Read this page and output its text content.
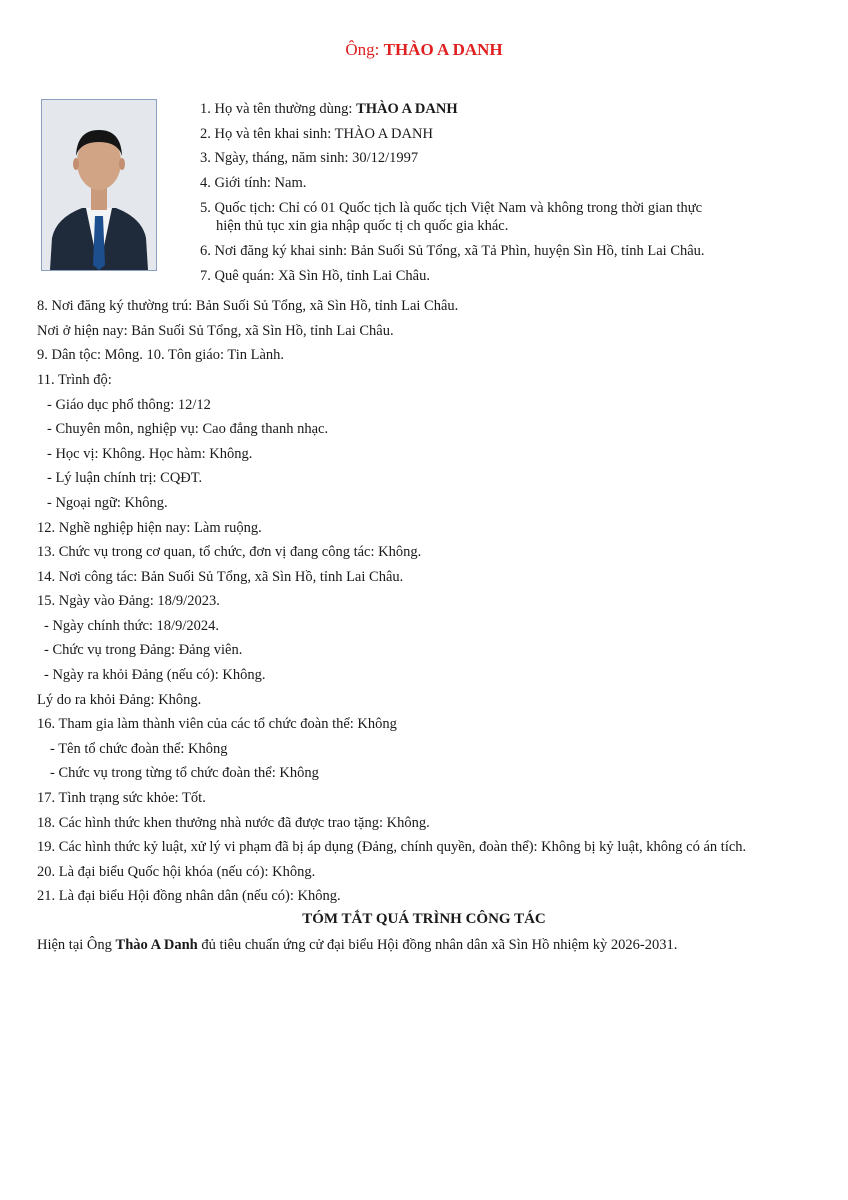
Ông: THÀO A DANH
1. Họ và tên thường dùng: THÀO A DANH
2. Họ và tên khai sinh: THÀO A DANH
3. Ngày, tháng, năm sinh: 30/12/1997
4. Giới tính: Nam.
5. Quốc tịch: Chỉ có 01 Quốc tịch là quốc tịch Việt Nam và không trong thời gian thực
hiện thủ tục xin gia nhập quốc tị ch quốc gia khác.
6. Nơi đăng ký khai sinh: Bản Suối Sủ Tổng, xã Tả Phìn, huyện Sìn Hồ, tỉnh Lai Châu.
7. Quê quán: Xã Sìn Hồ, tỉnh Lai Châu.
8. Nơi đăng ký thường trú: Bản Suối Sủ Tổng, xã Sìn Hồ, tỉnh Lai Châu.
Nơi ở hiện nay: Bản Suối Sủ Tổng, xã Sìn Hồ, tỉnh Lai Châu.
9. Dân tộc: Mông. 10. Tôn giáo: Tin Lành.
11. Trình độ:
- Giáo dục phổ thông: 12/12
- Chuyên môn, nghiệp vụ: Cao đẳng thanh nhạc.
- Học vị: Không. Học hàm: Không.
- Lý luận chính trị: CQĐT.
- Ngoại ngữ: Không.
12. Nghề nghiệp hiện nay: Làm ruộng.
13. Chức vụ trong cơ quan, tổ chức, đơn vị đang công tác: Không.
14. Nơi công tác: Bản Suối Sủ Tổng, xã Sìn Hồ, tỉnh Lai Châu.
15. Ngày vào Đảng: 18/9/2023.
- Ngày chính thức: 18/9/2024.
- Chức vụ trong Đảng: Đảng viên.
- Ngày ra khỏi Đảng (nếu có): Không.
Lý do ra khỏi Đảng: Không.
16. Tham gia làm thành viên của các tổ chức đoàn thể: Không
- Tên tổ chức đoàn thể: Không
- Chức vụ trong từng tổ chức đoàn thể: Không
17. Tình trạng sức khỏe: Tốt.
18. Các hình thức khen thưởng nhà nước đã được trao tặng: Không.
19. Các hình thức kỷ luật, xử lý vi phạm đã bị áp dụng (Đảng, chính quyền, đoàn thể): Không bị kỷ luật, không có án tích.
20. Là đại biểu Quốc hội khóa (nếu có): Không.
21. Là đại biểu Hội đồng nhân dân (nếu có): Không.
TÓM TẮT QUÁ TRÌNH CÔNG TÁC
Hiện tại Ông Thào A Danh đủ tiêu chuẩn ứng cử đại biểu Hội đồng nhân dân xã Sìn Hồ nhiệm kỳ 2026-2031.
